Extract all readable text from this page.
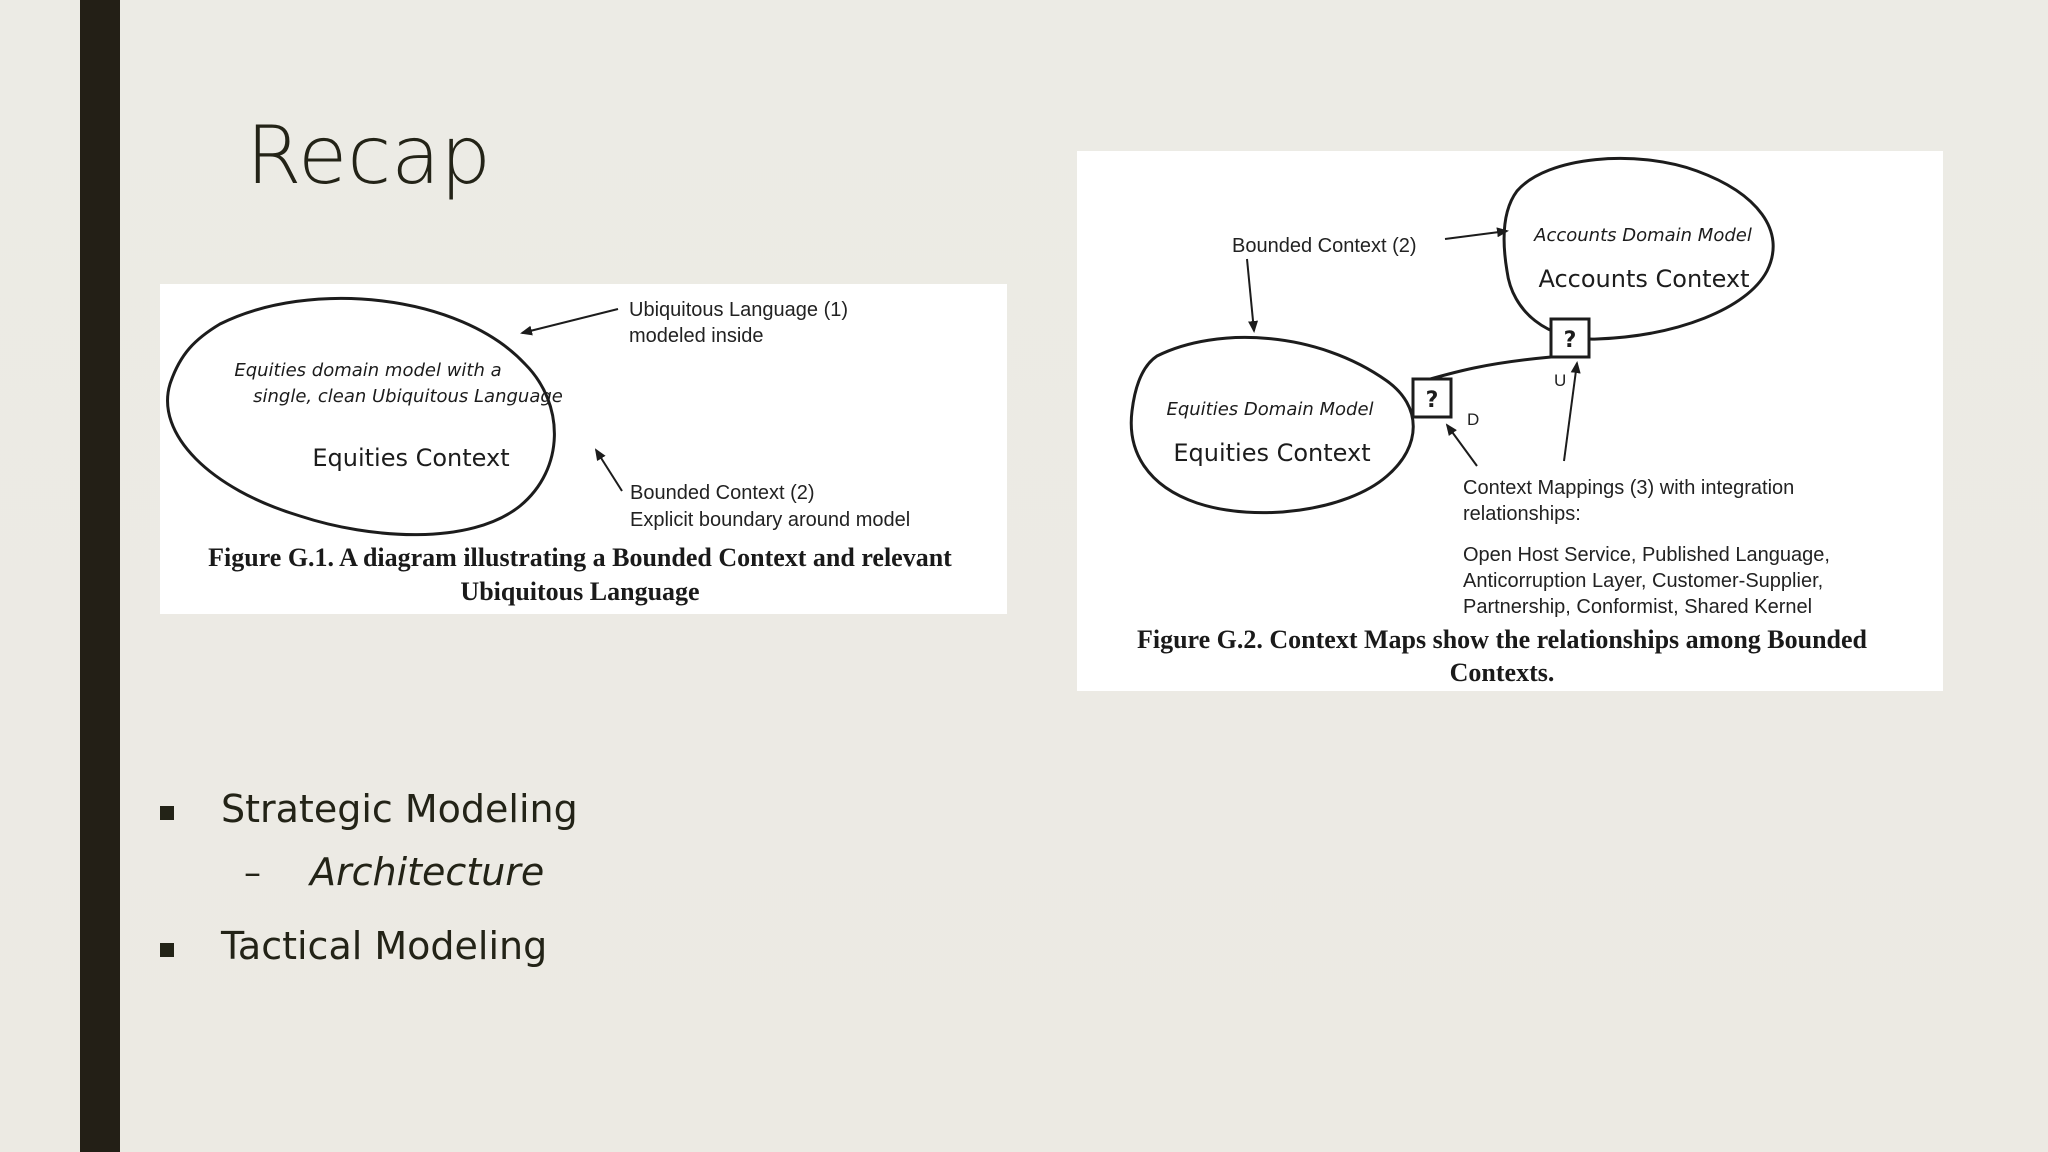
Recap
Equities domain model with a
single, clean Ubiquitous Language
Equities Context
Ubiquitous Language (1)
modeled inside
Bounded Context (2)
Explicit boundary around model
Figure G.1. A diagram illustrating a Bounded Context and relevant
Ubiquitous Language
Accounts Domain Model
Accounts Context
Equities Domain Model
Equities Context
?
U
?
D
Bounded Context (2)
Context Mappings (3) with integration
relationships:
Open Host Service, Published Language,
Anticorruption Layer, Customer-Supplier,
Partnership, Conformist, Shared Kernel
Figure G.2. Context Maps show the relationships among Bounded
Contexts.
Strategic Modeling
– Architecture
Tactical Modeling
